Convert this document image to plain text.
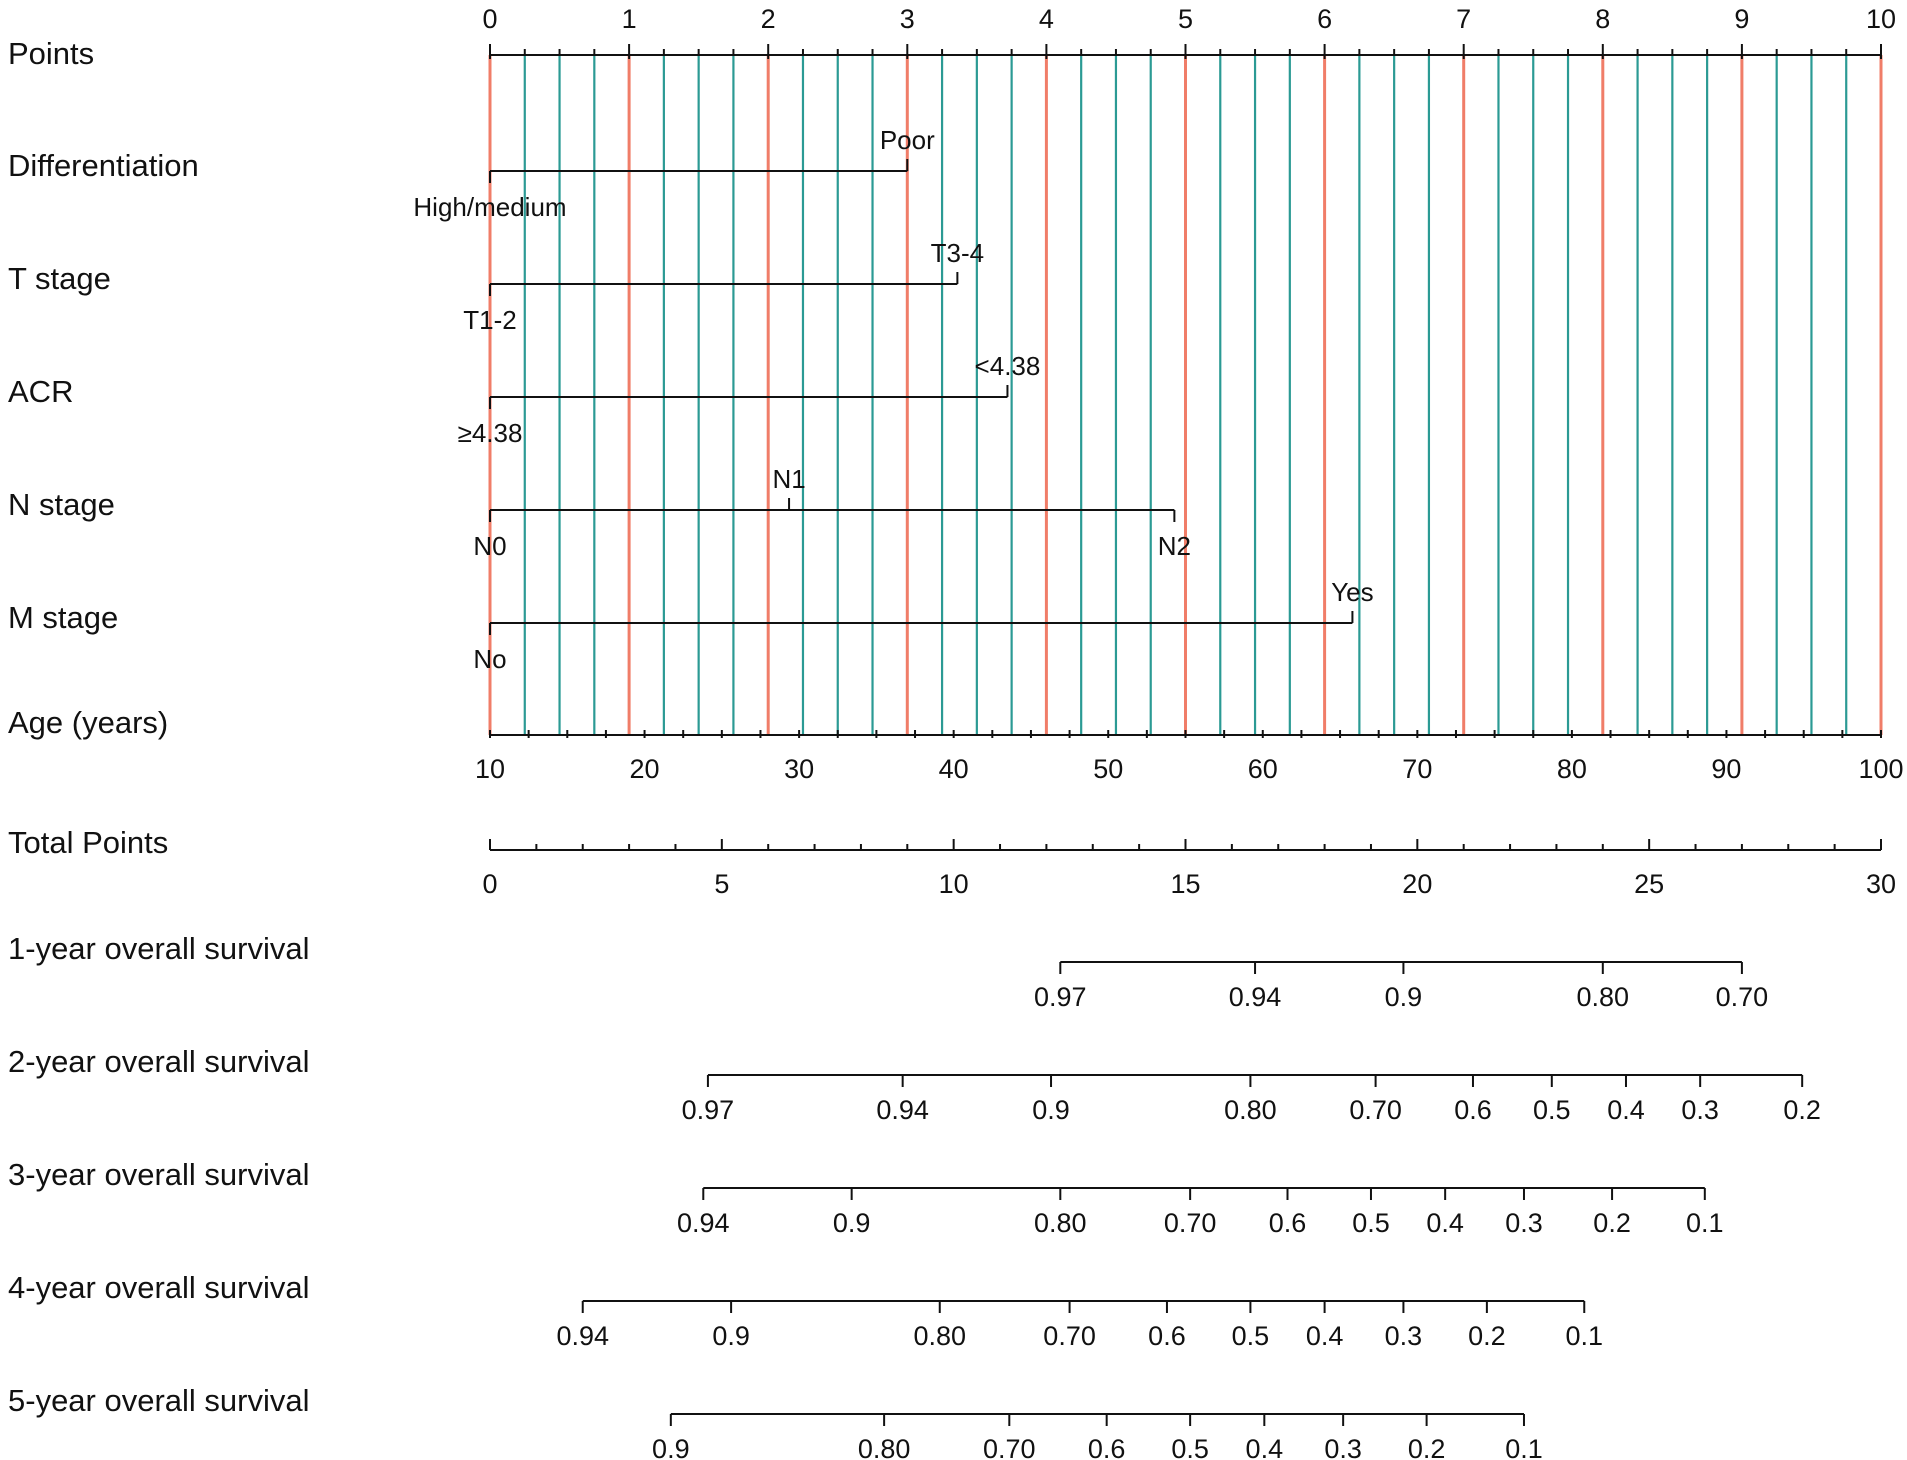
Points
0	1	2	3	4	5	6	7	8	9	10
Differentiation
High/medium
Poor
T stage
T1-2
T3-4
ACR
≥4.38
<4.38
N stage
N0
N1
N2
M stage
No
Yes
Age (years)
10	20	30	40	50	60	70	80	90	100
Total Points
0	5	10	15	20	25	30
1-year overall survival
0.97	0.94	0.9	0.80	0.70
2-year overall survival
0.97	0.94	0.9	0.80	0.70 0.6 0.5 0.4 0.3 0.2
3-year overall survival
0.94	0.9	0.80	0.70 0.6 0.5 0.4 0.3 0.2 0.1
4-year overall survival
0.94	0.9	0.80	0.70 0.6 0.5 0.4 0.3 0.2 0.1
5-year overall survival
0.9	0.80	0.70 0.6 0.5 0.4 0.3 0.2 0.1
